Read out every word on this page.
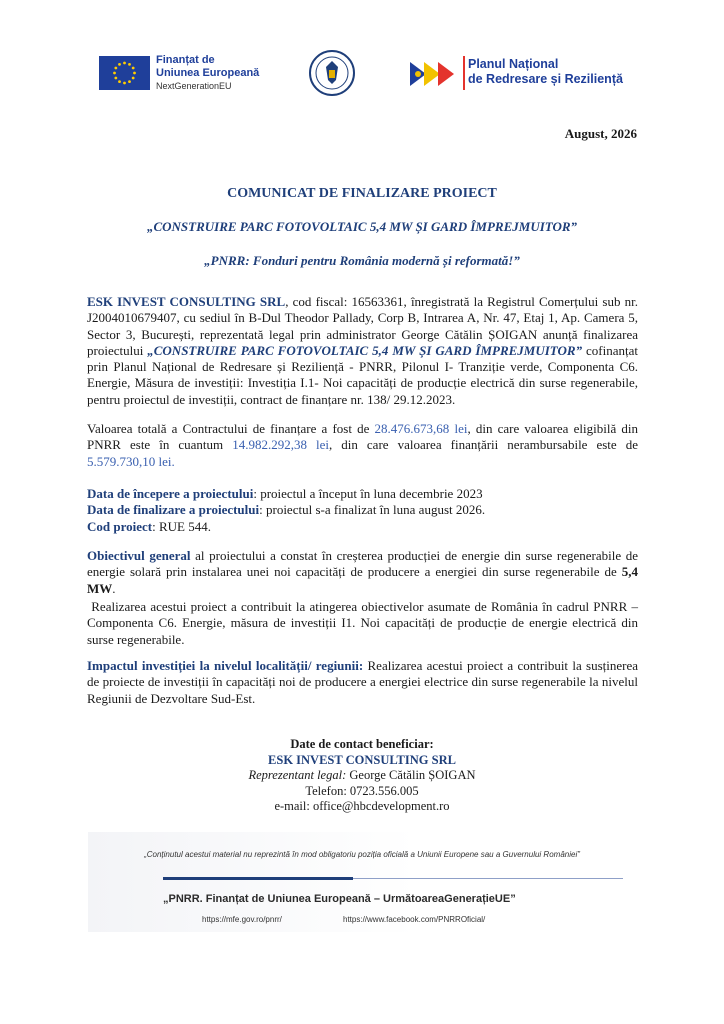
Finanțat de
Uniunea Europeană
NextGenerationEU
Planul Național
de Redresare și Reziliență
August, 2026
COMUNICAT DE FINALIZARE PROIECT
„CONSTRUIRE PARC FOTOVOLTAIC 5,4 MW ȘI GARD ÎMPREJMUITOR”
„PNRR: Fonduri pentru România modernă și reformată!”
ESK INVEST CONSULTING SRL, cod fiscal: 16563361, înregistrată la Registrul Comerțului sub nr. J2004010679407, cu sediul în B-Dul Theodor Pallady, Corp B, Intrarea A, Nr. 47, Etaj 1, Ap. Camera 5, Sector 3, București, reprezentată legal prin administrator George Cătălin ȘOIGAN anunță finalizarea proiectului „CONSTRUIRE PARC FOTOVOLTAIC 5,4 MW ȘI GARD ÎMPREJMUITOR” cofinanțat prin Planul Național de Redresare și Reziliență - PNRR, Pilonul I- Tranziție verde, Componenta C6. Energie, Măsura de investiții: Investiția I.1- Noi capacități de producție electrică din surse regenerabile, pentru proiectul de investiții, contract de finanțare nr. 138/ 29.12.2023.
Valoarea totală a Contractului de finanțare a fost de 28.476.673,68 lei, din care valoarea eligibilă din PNRR este în cuantum 14.982.292,38 lei, din care valoarea finanțării nerambursabile este de 5.579.730,10 lei.
Data de începere a proiectului: proiectul a început în luna decembrie 2023
Data de finalizare a proiectului: proiectul s-a finalizat în luna august 2026.
Cod proiect: RUE 544.
Obiectivul general al proiectului a constat în creșterea producției de energie din surse regenerabile de energie solară prin instalarea unei noi capacități de producere a energiei din surse regenerabile de 5,4 MW.
Realizarea acestui proiect a contribuit la atingerea obiectivelor asumate de România în cadrul PNRR – Componenta C6. Energie, măsura de investiții I1. Noi capacități de producție de energie electrică din surse regenerabile.
Impactul investiției la nivelul localității/ regiunii: Realizarea acestui proiect a contribuit la susținerea de proiecte de investiții în capacități noi de producere a energiei electrice din surse regenerabile la nivelul Regiunii de Dezvoltare Sud-Est.
Date de contact beneficiar:
ESK INVEST CONSULTING SRL
Reprezentant legal: George Cătălin ȘOIGAN
Telefon: 0723.556.005
e-mail: office@hbcdevelopment.ro
„Conținutul acestui material nu reprezintă în mod obligatoriu poziția oficială a Uniunii Europene sau a Guvernului României”
„PNRR. Finanțat de Uniunea Europeană – UrmătoareaGenerațieUE”
https://mfe.gov.ro/pnrr/	https://www.facebook.com/PNRROficial/
